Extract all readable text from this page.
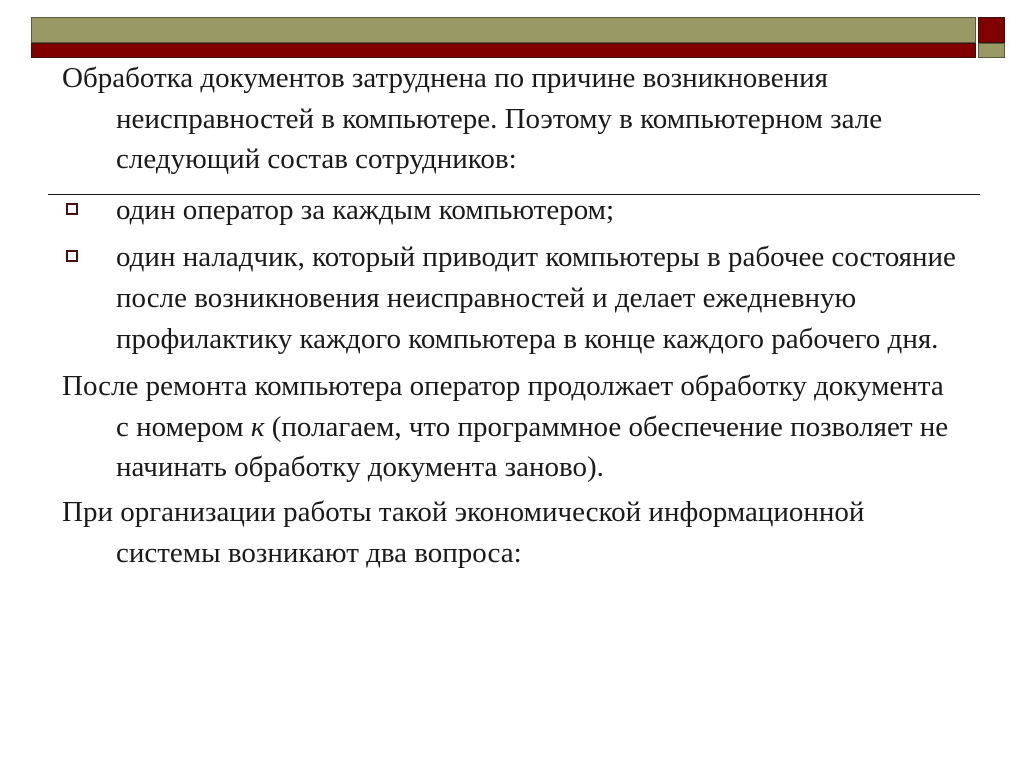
Обработка документов затруднена по причине возникновения неисправностей в компьютере. Поэтому в компьютерном зале следующий состав сотрудников:

один оператор за каждым компьютером;
один наладчик, который приводит компьютеры в рабочее состояние после возникновения неисправностей и делает ежедневную профилактику каждого компьютера в конце каждого рабочего дня.

После ремонта компьютера оператор продолжает обработку документа с номером к (полагаем, что программное обеспечение позволяет не начинать обработку документа заново).

При организации работы такой экономической информационной системы возникают два вопроса:
